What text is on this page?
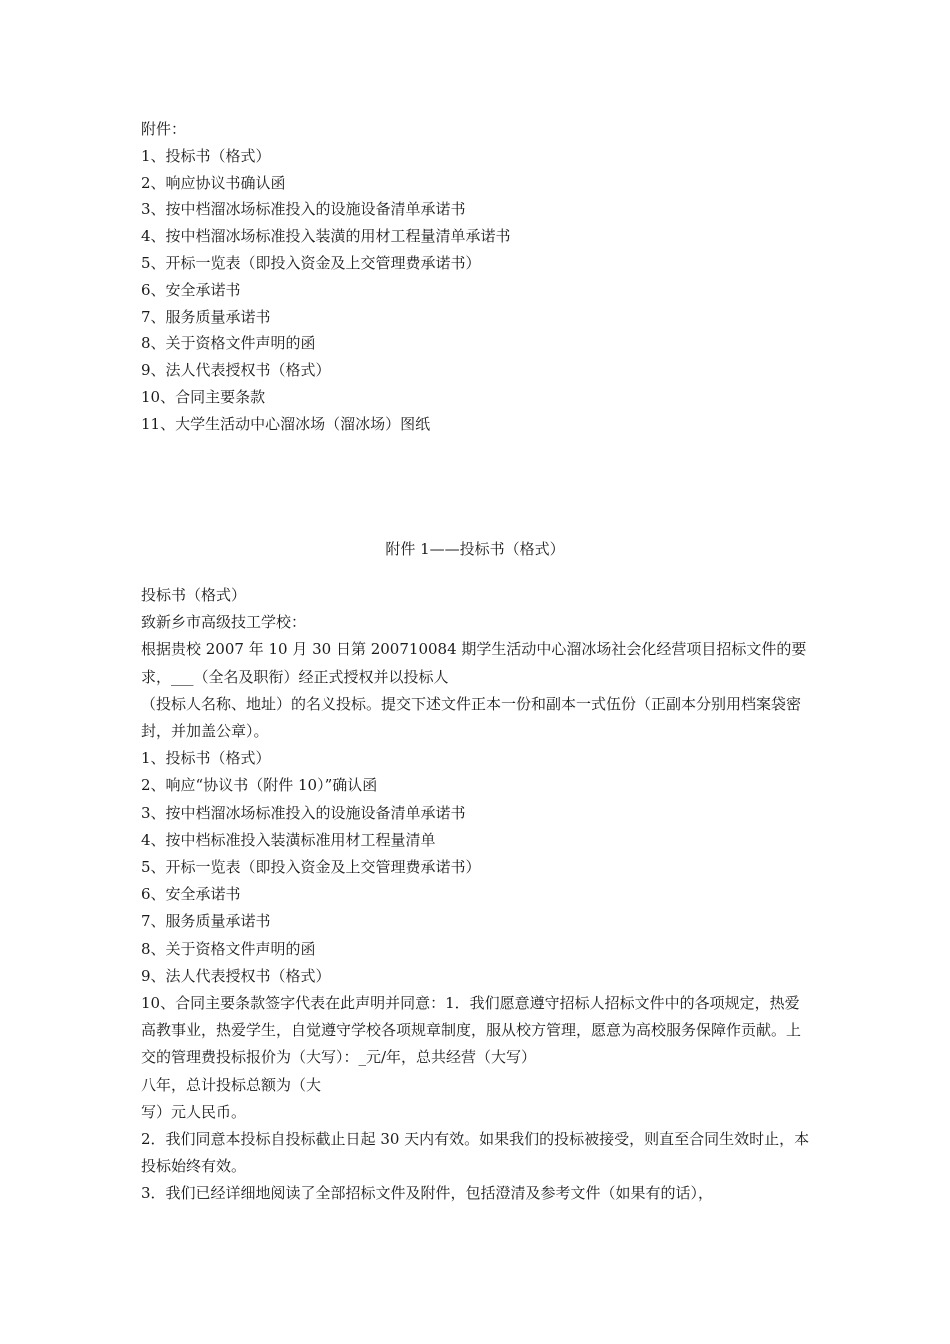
附件：

1、投标书（格式）

2、响应协议书确认函

3、按中档溜冰场标准投入的设施设备清单承诺书

4、按中档溜冰场标准投入装潢的用材工程量清单承诺书

5、开标一览表（即投入资金及上交管理费承诺书）

6、安全承诺书

7、服务质量承诺书

8、关于资格文件声明的函

9、法人代表授权书（格式）

10、合同主要条款

11、大学生活动中心溜冰场（溜冰场）图纸

附件 1——投标书（格式）

投标书（格式）

致新乡市高级技工学校：

根据贵校 2007 年 10 月 30 日第 200710084 期学生活动中心溜冰场社会化经营项目招标文件的要求，___（全名及职衔）经正式授权并以投标人

（投标人名称、地址）的名义投标。提交下述文件正本一份和副本一式伍份（正副本分别用档案袋密封，并加盖公章）。

1、投标书（格式）

2、响应“协议书（附件 10）”确认函

3、按中档溜冰场标准投入的设施设备清单承诺书

4、按中档标准投入装潢标准用材工程量清单

5、开标一览表（即投入资金及上交管理费承诺书）

6、安全承诺书

7、服务质量承诺书

8、关于资格文件声明的函

9、法人代表授权书（格式）

10、合同主要条款签字代表在此声明并同意：1．我们愿意遵守招标人招标文件中的各项规定，热爱高教事业，热爱学生，自觉遵守学校各项规章制度，服从校方管理，愿意为高校服务保障作贡献。上交的管理费投标报价为（大写）：_元/年，总共经营（大写）

八年，总计投标总额为（大

写）元人民币。

2．我们同意本投标自投标截止日起 30 天内有效。如果我们的投标被接受，则直至合同生效时止，本投标始终有效。

3．我们已经详细地阅读了全部招标文件及附件，包括澄清及参考文件（如果有的话），
